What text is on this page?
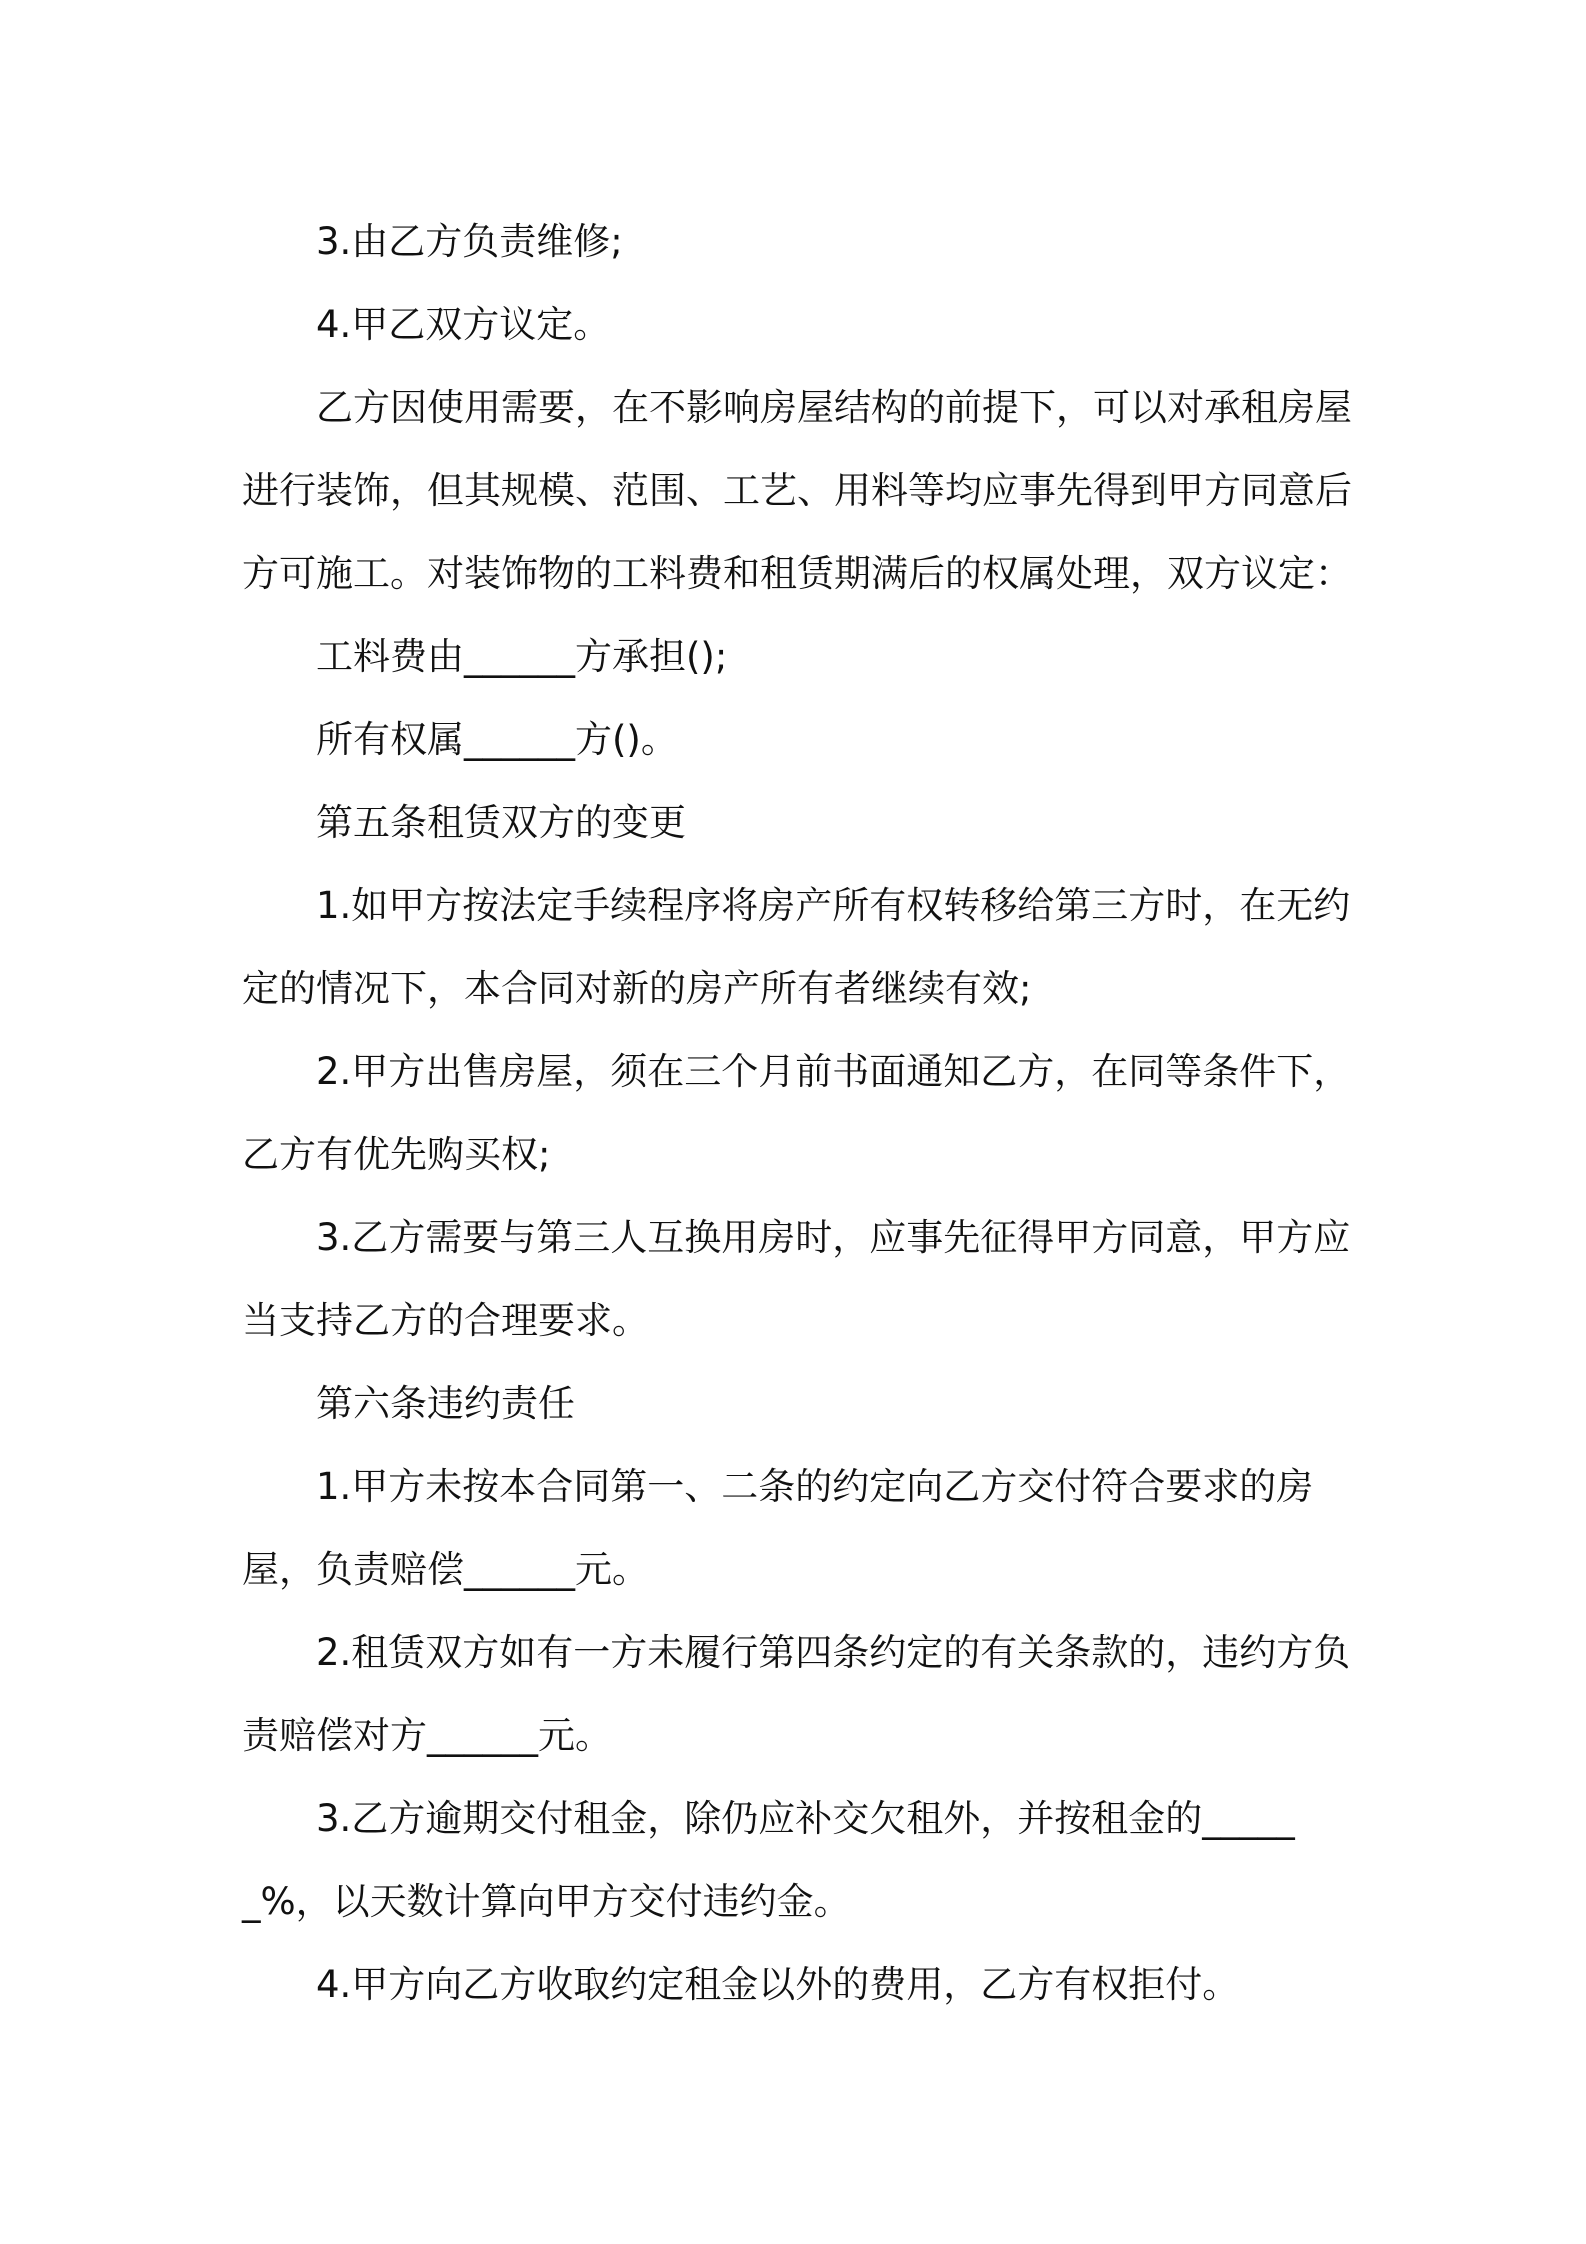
3.由乙方负责维修;

4.甲乙双方议定。

乙方因使用需要，在不影响房屋结构的前提下，可以对承租房屋进行装饰，但其规模、范围、工艺、用料等均应事先得到甲方同意后方可施工。对装饰物的工料费和租赁期满后的权属处理，双方议定：

工料费由______方承担();

所有权属______方()。

第五条租赁双方的变更

1.如甲方按法定手续程序将房产所有权转移给第三方时，在无约定的情况下，本合同对新的房产所有者继续有效;

2.甲方出售房屋，须在三个月前书面通知乙方，在同等条件下，乙方有优先购买权;

3.乙方需要与第三人互换用房时，应事先征得甲方同意，甲方应当支持乙方的合理要求。

第六条违约责任

1.甲方未按本合同第一、二条的约定向乙方交付符合要求的房屋，负责赔偿______元。

2.租赁双方如有一方未履行第四条约定的有关条款的，违约方负责赔偿对方______元。

3.乙方逾期交付租金，除仍应补交欠租外，并按租金的______%，以天数计算向甲方交付违约金。

4.甲方向乙方收取约定租金以外的费用，乙方有权拒付。
